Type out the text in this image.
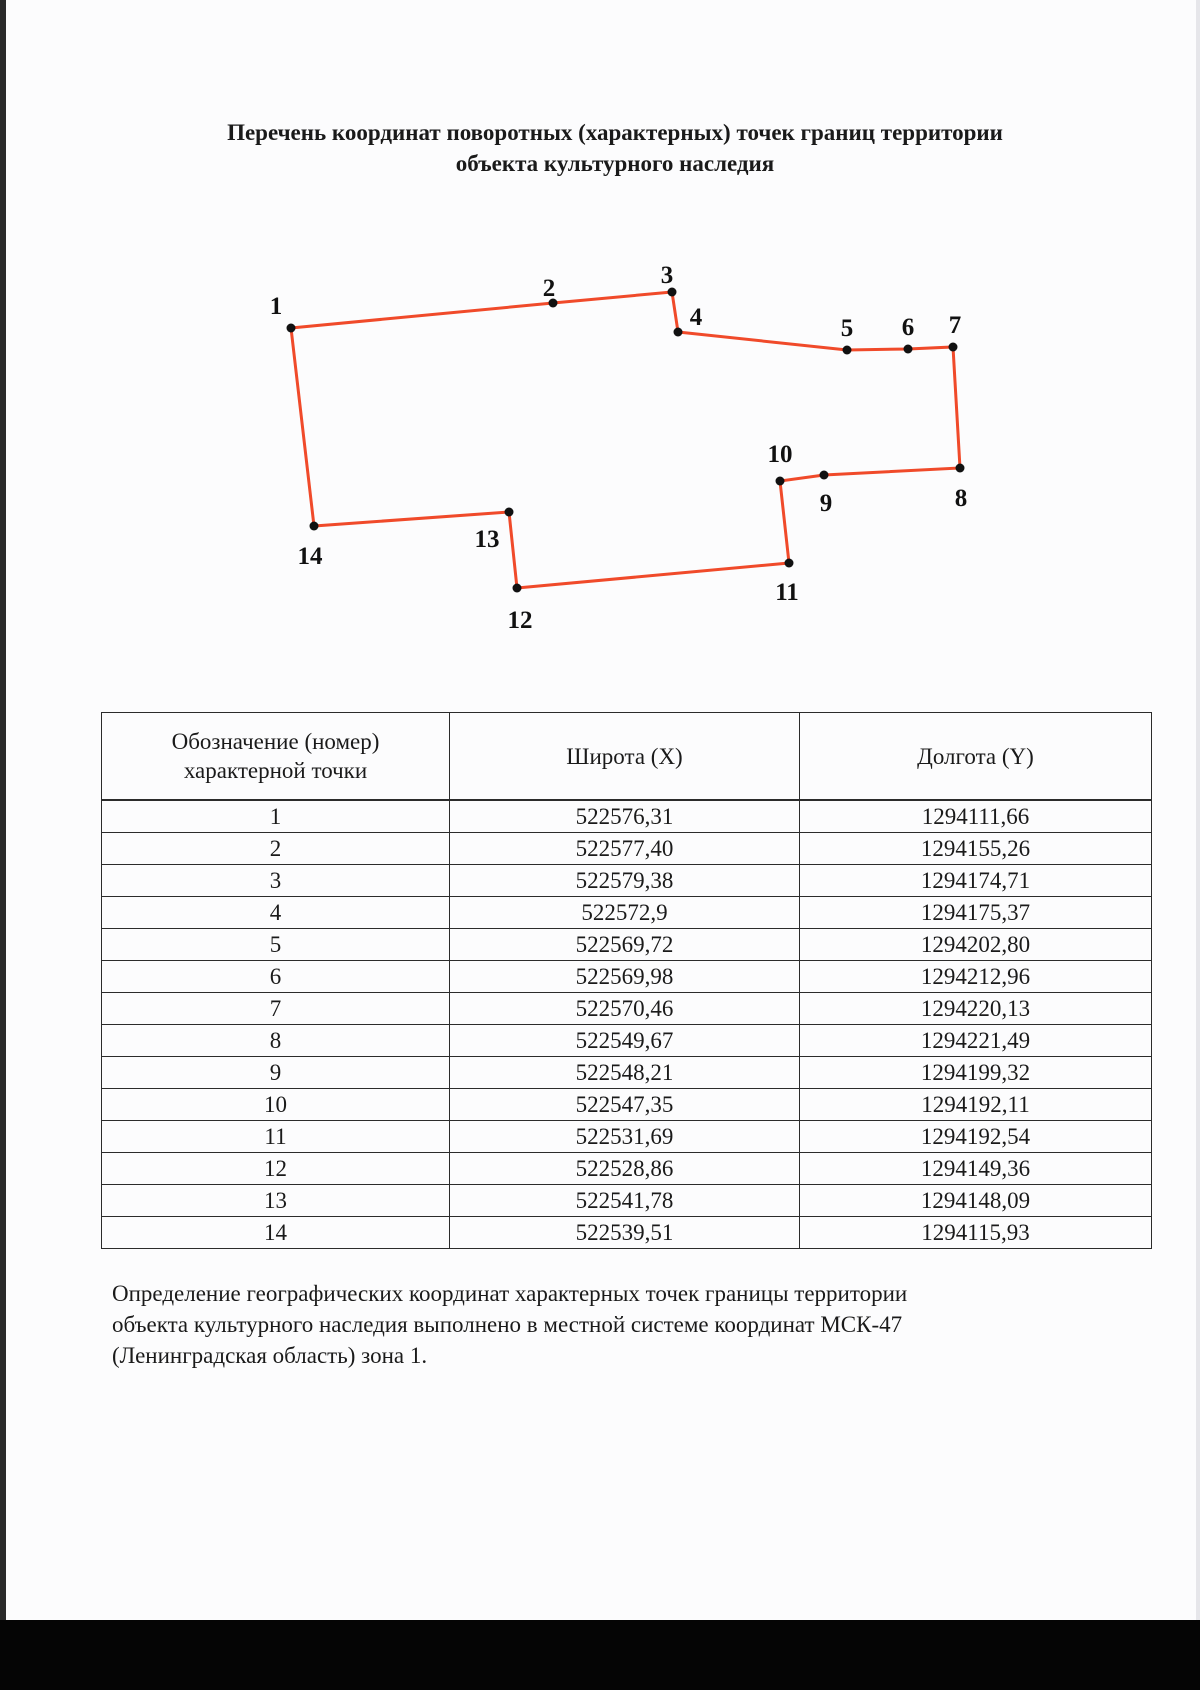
Перечень координат поворотных (характерных) точек границ территории
объекта культурного наследия
1
2	3
4	5 6 7
8
9
10
11
12
13
14
Обозначение (номер)
характерной точки	Широта (X)	Долгота (Y)
1	522576,31	1294111,66
2	522577,40	1294155,26
3	522579,38	1294174,71
4	522572,9	1294175,37
5	522569,72	1294202,80
6	522569,98	1294212,96
7	522570,46	1294220,13
8	522549,67	1294221,49
9	522548,21	1294199,32
10	522547,35	1294192,11
11	522531,69	1294192,54
12	522528,86	1294149,36
13	522541,78	1294148,09
14	522539,51	1294115,93

Определение географических координат характерных точек границы территории
объекта культурного наследия выполнено в местной системе координат МСК-47
(Ленинградская область) зона 1.
